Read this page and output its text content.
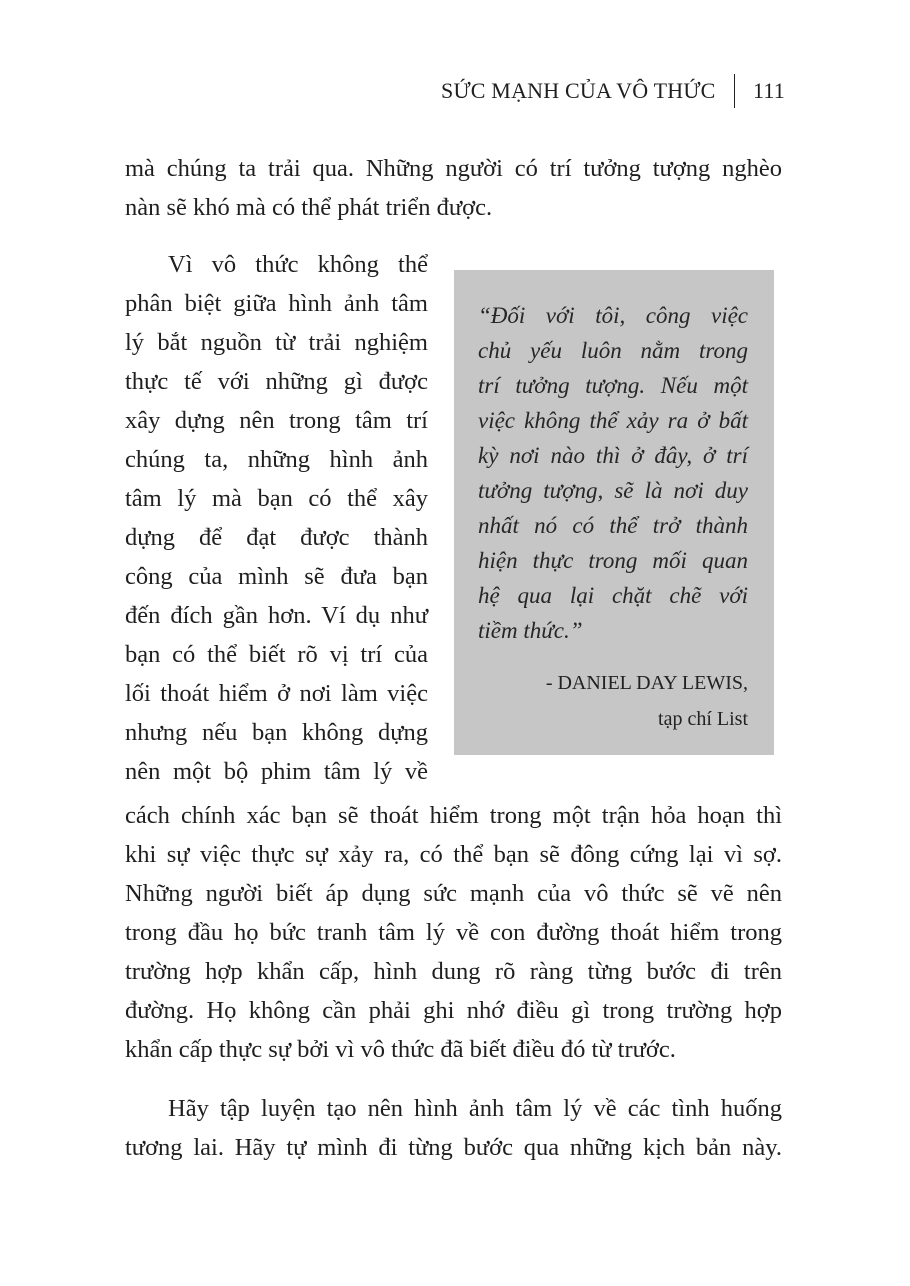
SỨC MẠNH CỦA VÔ THỨC	111
mà chúng ta trải qua. Những người có trí tưởng tượng nghèo
nàn sẽ khó mà có thể phát triển được.
Vì vô thức không thể
phân biệt giữa hình ảnh tâm
lý bắt nguồn từ trải nghiệm
thực tế với những gì được
xây dựng nên trong tâm trí
chúng ta, những hình ảnh
tâm lý mà bạn có thể xây
dựng để đạt được thành
công của mình sẽ đưa bạn
đến đích gần hơn. Ví dụ như
bạn có thể biết rõ vị trí của
lối thoát hiểm ở nơi làm việc
nhưng nếu bạn không dựng
nên một bộ phim tâm lý về
cách chính xác bạn sẽ thoát hiểm trong một trận hỏa hoạn thì
khi sự việc thực sự xảy ra, có thể bạn sẽ đông cứng lại vì sợ.
Những người biết áp dụng sức mạnh của vô thức sẽ vẽ nên
trong đầu họ bức tranh tâm lý về con đường thoát hiểm trong
trường hợp khẩn cấp, hình dung rõ ràng từng bước đi trên
đường. Họ không cần phải ghi nhớ điều gì trong trường hợp
khẩn cấp thực sự bởi vì vô thức đã biết điều đó từ trước.
Hãy tập luyện tạo nên hình ảnh tâm lý về các tình huống
tương lai. Hãy tự mình đi từng bước qua những kịch bản này.
“Đối với tôi, công việc
chủ yếu luôn nằm trong
trí tưởng tượng. Nếu một
việc không thể xảy ra ở bất
kỳ nơi nào thì ở đây, ở trí
tưởng tượng, sẽ là nơi duy
nhất nó có thể trở thành
hiện thực trong mối quan
hệ qua lại chặt chẽ với
tiềm thức.”
- DANIEL DAY LEWIS,
tạp chí List
